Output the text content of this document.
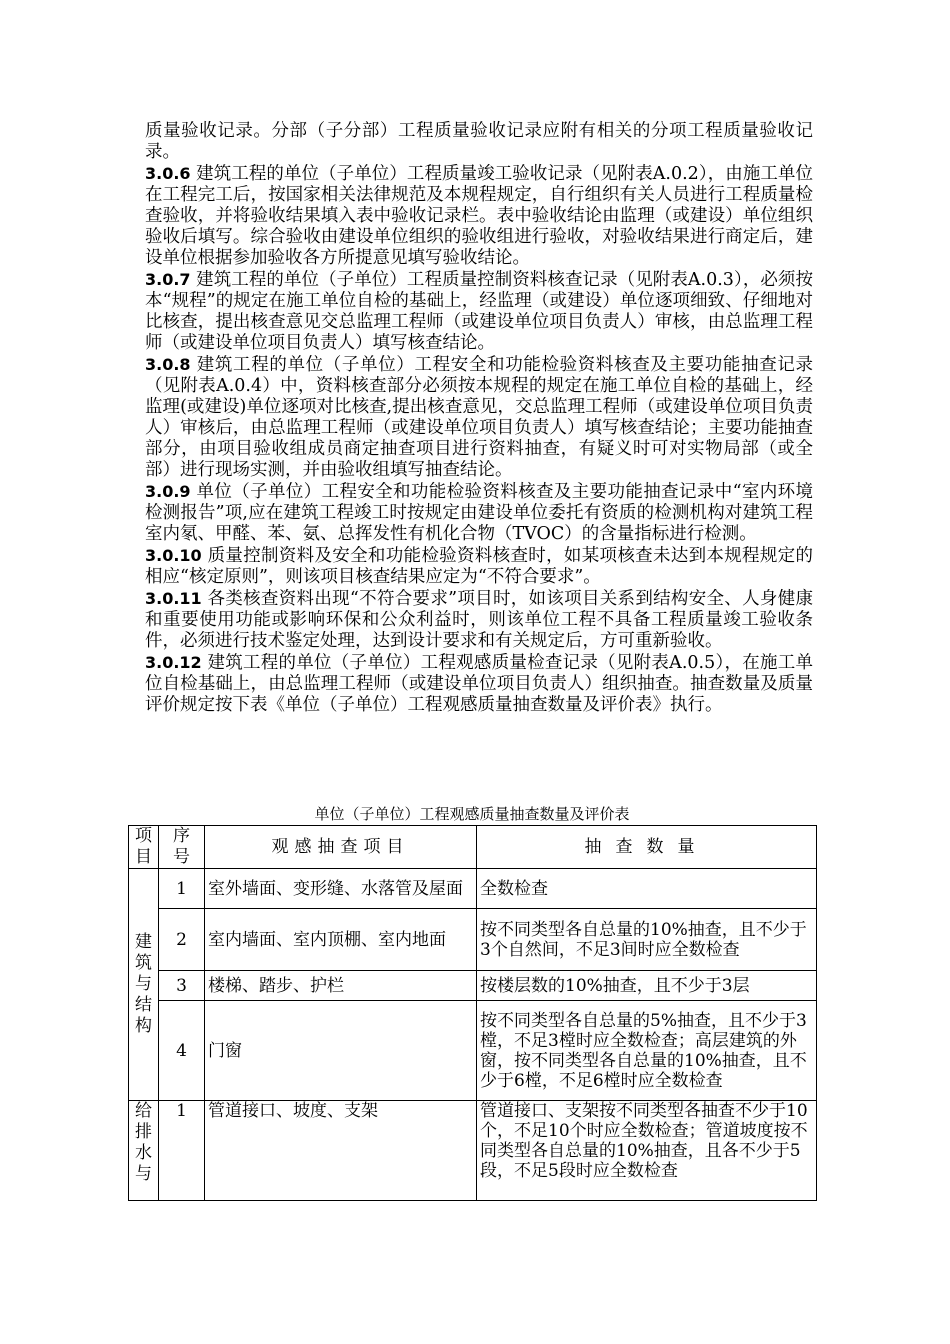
质量验收记录。分部（子分部）工程质量验收记录应附有相关的分项工程质量验收记录。

3.0.6 建筑工程的单位（子单位）工程质量竣工验收记录（见附表A.0.2），由施工单位在工程完工后，按国家相关法律规范及本规程规定，自行组织有关人员进行工程质量检查验收，并将验收结果填入表中验收记录栏。表中验收结论由监理（或建设）单位组织验收后填写。综合验收由建设单位组织的验收组进行验收，对验收结果进行商定后，建设单位根据参加验收各方所提意见填写验收结论。

3.0.7 建筑工程的单位（子单位）工程质量控制资料核查记录（见附表A.0.3），必须按本“规程”的规定在施工单位自检的基础上，经监理（或建设）单位逐项细致、仔细地对比核查，提出核查意见交总监理工程师（或建设单位项目负责人）审核，由总监理工程师（或建设单位项目负责人）填写核查结论。

3.0.8 建筑工程的单位（子单位）工程安全和功能检验资料核查及主要功能抽查记录（见附表A.0.4）中，资料核查部分必须按本规程的规定在施工单位自检的基础上，经监理(或建设)单位逐项对比核查,提出核查意见，交总监理工程师（或建设单位项目负责人）审核后，由总监理工程师（或建设单位项目负责人）填写核查结论；主要功能抽查部分，由项目验收组成员商定抽查项目进行资料抽查，有疑义时可对实物局部（或全部）进行现场实测，并由验收组填写抽查结论。

3.0.9 单位（子单位）工程安全和功能检验资料核查及主要功能抽查记录中“室内环境检测报告”项,应在建筑工程竣工时按规定由建设单位委托有资质的检测机构对建筑工程室内氡、甲醛、苯、氨、总挥发性有机化合物（TVOC）的含量指标进行检测。

3.0.10 质量控制资料及安全和功能检验资料核查时，如某项核查未达到本规程规定的相应“核定原则”，则该项目核查结果应定为“不符合要求”。

3.0.11 各类核查资料出现“不符合要求”项目时，如该项目关系到结构安全、人身健康和重要使用功能或影响环保和公众利益时，则该单位工程不具备工程质量竣工验收条件，必须进行技术鉴定处理，达到设计要求和有关规定后，方可重新验收。

3.0.12 建筑工程的单位（子单位）工程观感质量检查记录（见附表A.0.5），在施工单位自检基础上，由总监理工程师（或建设单位项目负责人）组织抽查。抽查数量及质量评价规定按下表《单位（子单位）工程观感质量抽查数量及评价表》执行。

单位（子单位）工程观感质量抽查数量及评价表
项目	序号	观感抽查项目	抽查数量
建筑与结构	1	室外墙面、变形缝、水落管及屋面	全数检查
	2	室内墙面、室内顶棚、室内地面	按不同类型各自总量的10%抽查，且不少于3个自然间，不足3间时应全数检查
	3	楼梯、踏步、护栏	按楼层数的10%抽查，且不少于3层
	4	门窗	按不同类型各自总量的5%抽查，且不少于3樘，不足3樘时应全数检查；高层建筑的外窗，按不同类型各自总量的10%抽查，且不少于6樘，不足6樘时应全数检查
给排水与	1	管道接口、坡度、支架	管道接口、支架按不同类型各抽查不少于10个，不足10个时应全数检查；管道坡度按不同类型各自总量的10%抽查，且各不少于5段，不足5段时应全数检查
